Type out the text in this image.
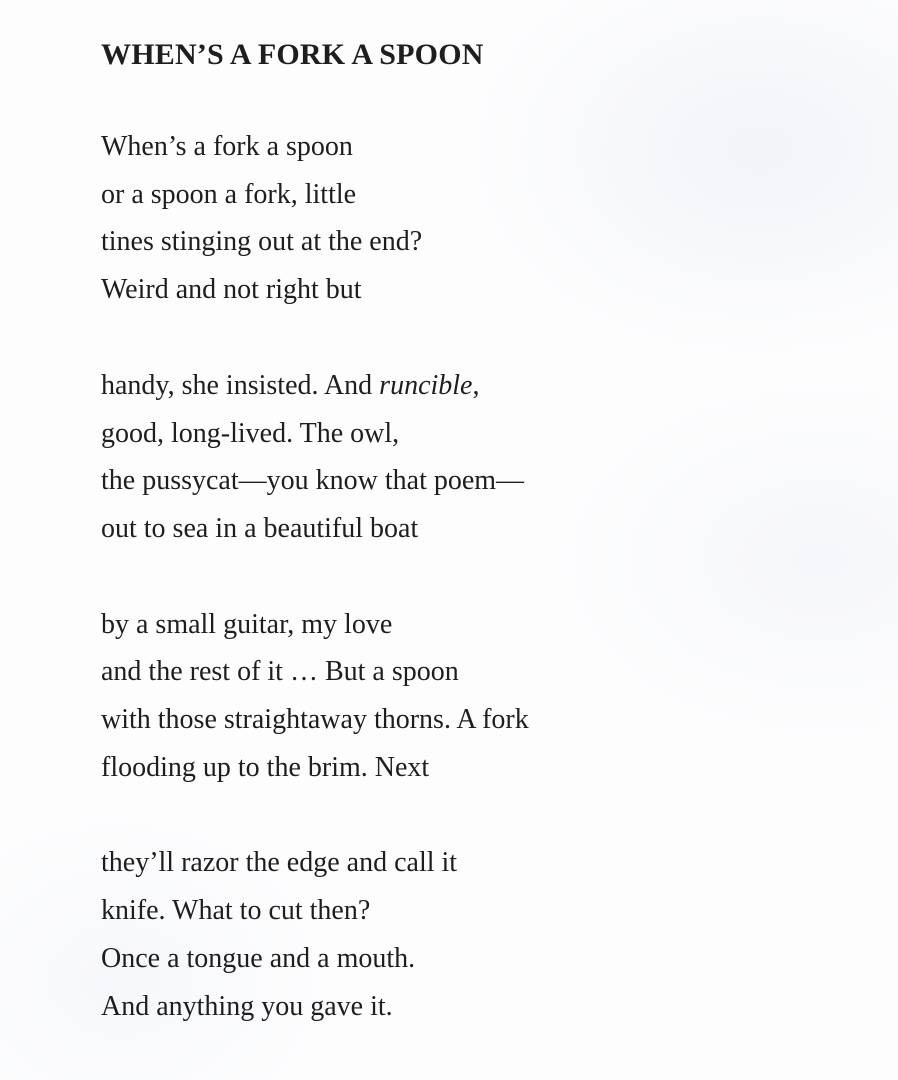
WHEN’S A FORK A SPOON
When’s a fork a spoon
or a spoon a fork, little
tines stinging out at the end?
Weird and not right but
handy, she insisted. And runcible,
good, long-lived. The owl,
the pussycat—you know that poem—
out to sea in a beautiful boat
by a small guitar, my love
and the rest of it … But a spoon
with those straightaway thorns. A fork
flooding up to the brim. Next
they’ll razor the edge and call it
knife. What to cut then?
Once a tongue and a mouth.
And anything you gave it.
